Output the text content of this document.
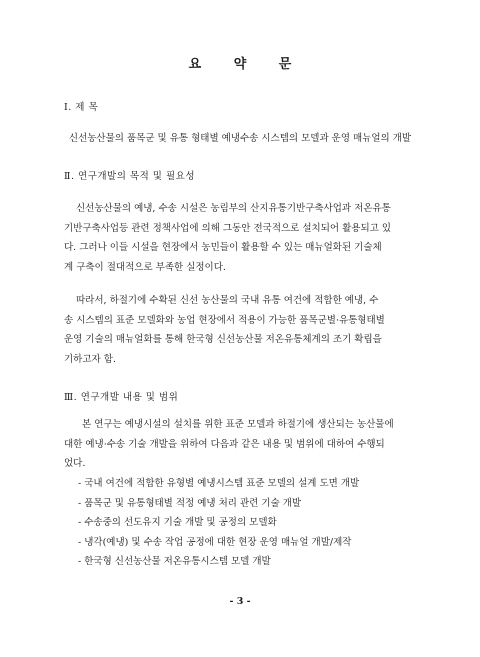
요 약 문
Ⅰ. 제 목
신선농산물의 품목군 및 유통 형태별 예냉수송 시스템의 모델과 운영 매뉴얼의 개발
Ⅱ. 연구개발의 목적 및 필요성
신선농산물의 예냉, 수송 시설은 농림부의 산지유통기반구축사업과 저온유통
기반구축사업등 관련 정책사업에 의해 그동안 전국적으로 설치되어 활용되고 있
다. 그러나 이들 시설을 현장에서 농민들이 활용할 수 있는 매뉴얼화된 기술체
계 구축이 절대적으로 부족한 실정이다.
따라서, 하절기에 수확된 신선 농산물의 국내 유통 여건에 적합한 예냉, 수
송 시스템의 표준 모델화와 농업 현장에서 적용이 가능한 품목군별·유통형태별
운영 기술의 매뉴얼화를 통해 한국형 신선농산물 저온유통체계의 조기 확립을
기하고자 함.
Ⅲ. 연구개발 내용 및 범위
본 연구는 예냉시설의 설치를 위한 표준 모델과 하절기에 생산되는 농산물에
대한 예냉·수송 기술 개발을 위하여 다음과 같은 내용 및 범위에 대하여 수행되
었다.
- 국내 여건에 적합한 유형별 예냉시스템 표준 모델의 설계 도면 개발
- 품목군 및 유통형태별 적정 예냉 처리 관련 기술 개발
- 수송중의 선도유지 기술 개발 및 공정의 모델화
- 냉각(예냉) 및 수송 작업 공정에 대한 현장 운영 매뉴얼 개발/제작
- 한국형 신선농산물 저온유통시스템 모델 개발
- 3 -
